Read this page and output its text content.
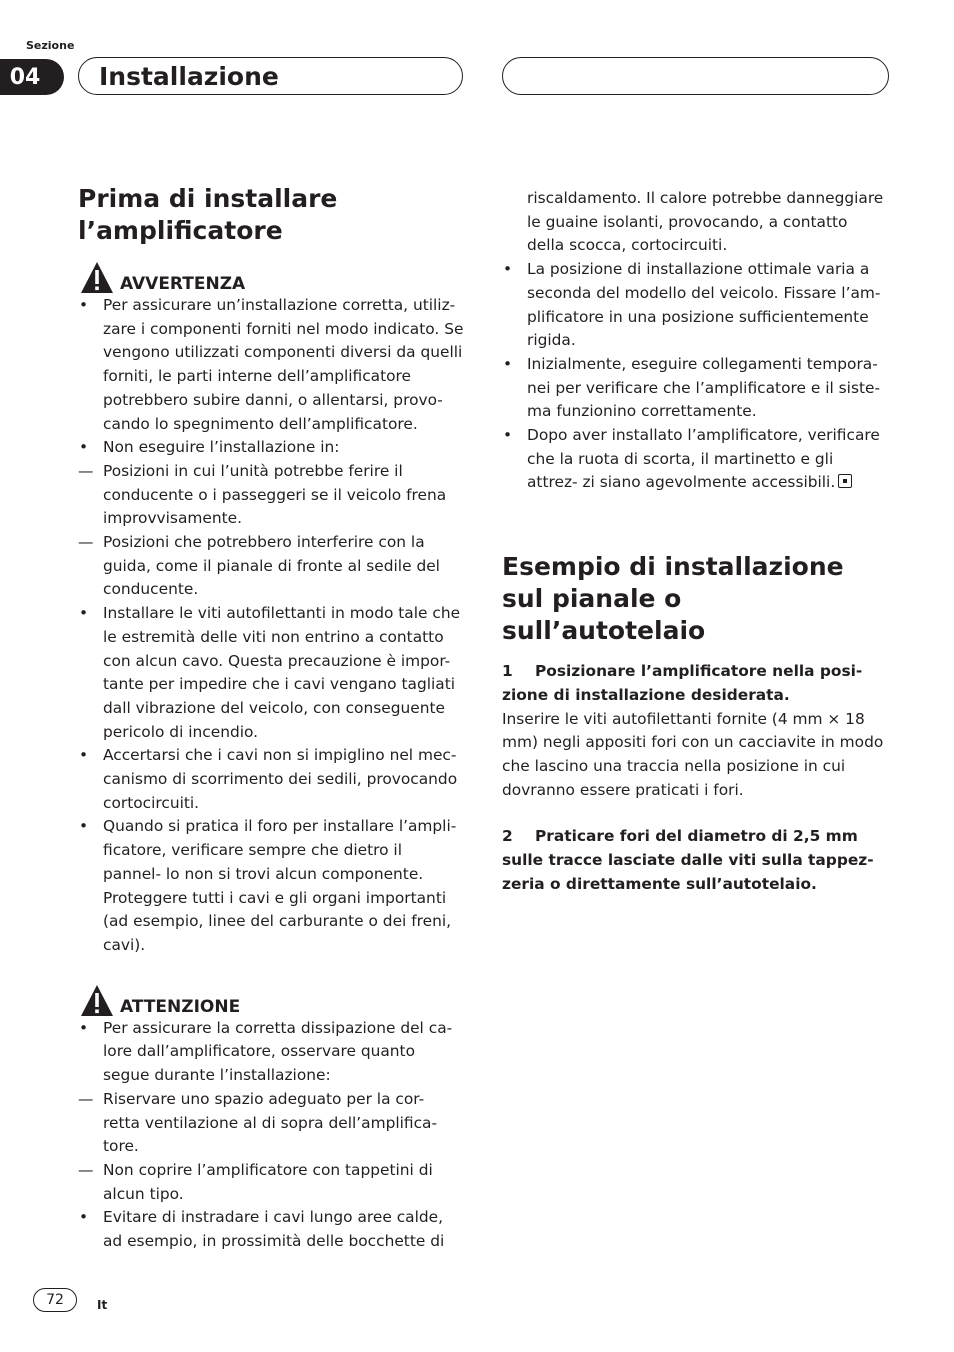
Sezione
04	Installazione
Prima di installare l’amplificatore
AVVERTENZA
• Per assicurare un’installazione corretta, utiliz- zare i componenti forniti nel modo indicato. Se vengono utilizzati componenti diversi da quelli forniti, le parti interne dell’amplificatore potrebbero subire danni, o allentarsi, provo- cando lo spegnimento dell’amplificatore.
• Non eseguire l’installazione in:
— Posizioni in cui l’unità potrebbe ferire il conducente o i passeggeri se il veicolo frena improvvisamente.
— Posizioni che potrebbero interferire con la guida, come il pianale di fronte al sedile del conducente.
• Installare le viti autofilettanti in modo tale che le estremità delle viti non entrino a contatto con alcun cavo. Questa precauzione è impor- tante per impedire che i cavi vengano tagliati dall vibrazione del veicolo, con conseguente pericolo di incendio.
• Accertarsi che i cavi non si impiglino nel mec- canismo di scorrimento dei sedili, provocando cortocircuiti.
• Quando si pratica il foro per installare l’ampli- ficatore, verificare sempre che dietro il pannel- lo non si trovi alcun componente. Proteggere tutti i cavi e gli organi importanti (ad esempio, linee del carburante o dei freni, cavi).
ATTENZIONE
• Per assicurare la corretta dissipazione del ca- lore dall’amplificatore, osservare quanto segue durante l’installazione:
— Riservare uno spazio adeguato per la cor- retta ventilazione al di sopra dell’amplifica- tore.
— Non coprire l’amplificatore con tappetini di alcun tipo.
• Evitare di instradare i cavi lungo aree calde, ad esempio, in prossimità delle bocchette di
riscaldamento. Il calore potrebbe danneggiare le guaine isolanti, provocando, a contatto della scocca, cortocircuiti.
• La posizione di installazione ottimale varia a seconda del modello del veicolo. Fissare l’am- plificatore in una posizione sufficientemente rigida.
• Inizialmente, eseguire collegamenti tempora- nei per verificare che l’amplificatore e il siste- ma funzionino correttamente.
• Dopo aver installato l’amplificatore, verificare che la ruota di scorta, il martinetto e gli attrez- zi siano agevolmente accessibili.
Esempio di installazione sul pianale o sull’autotelaio
1 Posizionare l’amplificatore nella posi- zione di installazione desiderata.
Inserire le viti autofilettanti fornite (4 mm × 18 mm) negli appositi fori con un cacciavite in modo che lascino una traccia nella posizione in cui dovranno essere praticati i fori.
2 Praticare fori del diametro di 2,5 mm sulle tracce lasciate dalle viti sulla tappez- zeria o direttamente sull’autotelaio.
72	It
